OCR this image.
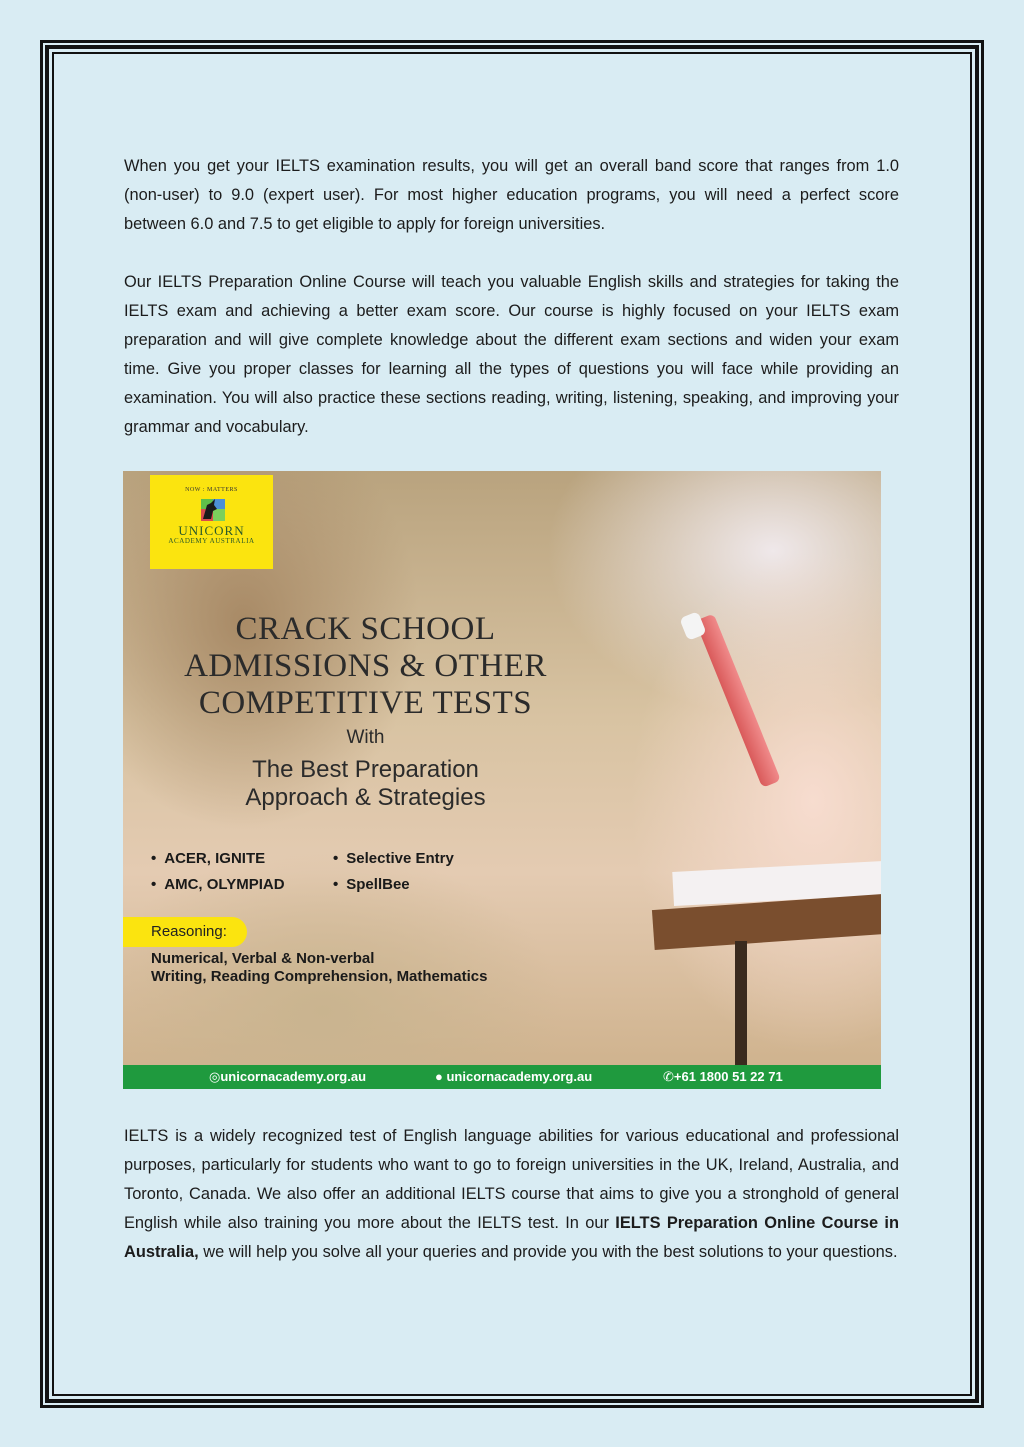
When you get your IELTS examination results, you will get an overall band score that ranges from 1.0 (non-user) to 9.0 (expert user). For most higher education programs, you will need a perfect score between 6.0 and 7.5 to get eligible to apply for foreign universities.

Our IELTS Preparation Online Course will teach you valuable English skills and strategies for taking the IELTS exam and achieving a better exam score. Our course is highly focused on your IELTS exam preparation and will give complete knowledge about the different exam sections and widen your exam time. Give you proper classes for learning all the types of questions you will face while providing an examination. You will also practice these sections reading, writing, listening, speaking, and improving your grammar and vocabulary.

NOW : MATTERS
UNICORN
ACADEMY AUSTRALIA
CRACK SCHOOL
ADMISSIONS & OTHER
COMPETITIVE TESTS
With
The Best Preparation
Approach & Strategies
• ACER, IGNITE	• Selective Entry
• AMC, OLYMPIAD	• SpellBee
Reasoning:
Numerical, Verbal & Non-verbal
Writing, Reading Comprehension, Mathematics
◎unicornacademy.org.au	● unicornacademy.org.au	✆+61 1800 51 22 71

IELTS is a widely recognized test of English language abilities for various educational and professional purposes, particularly for students who want to go to foreign universities in the UK, Ireland, Australia, and Toronto, Canada. We also offer an additional IELTS course that aims to give you a stronghold of general English while also training you more about the IELTS test. In our IELTS Preparation Online Course in Australia, we will help you solve all your queries and provide you with the best solutions to your questions.
